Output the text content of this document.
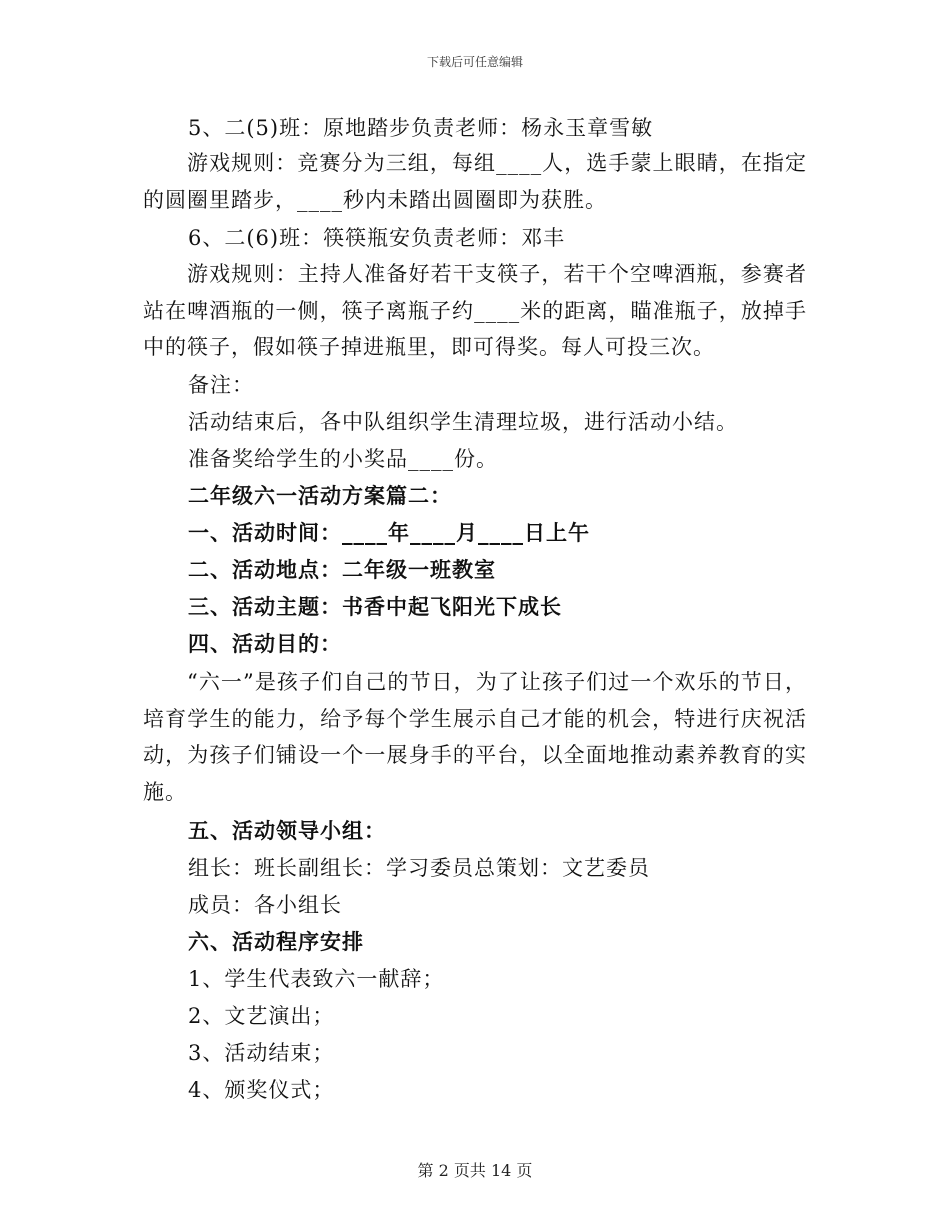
下载后可任意编辑
5、二(5)班：原地踏步负责老师：杨永玉章雪敏
游戏规则：竞赛分为三组，每组____人，选手蒙上眼睛，在指定的圆圈里踏步，____秒内未踏出圆圈即为获胜。
6、二(6)班：筷筷瓶安负责老师：邓丰
游戏规则：主持人准备好若干支筷子，若干个空啤酒瓶，参赛者站在啤酒瓶的一侧，筷子离瓶子约____米的距离，瞄准瓶子，放掉手中的筷子，假如筷子掉进瓶里，即可得奖。每人可投三次。
备注：
活动结束后，各中队组织学生清理垃圾，进行活动小结。
准备奖给学生的小奖品____份。
二年级六一活动方案篇二：
一、活动时间：____年____月____日上午
二、活动地点：二年级一班教室
三、活动主题：书香中起飞阳光下成长
四、活动目的：
“六一”是孩子们自己的节日，为了让孩子们过一个欢乐的节日，培育学生的能力，给予每个学生展示自己才能的机会，特进行庆祝活动，为孩子们铺设一个一展身手的平台，以全面地推动素养教育的实施。
五、活动领导小组：
组长：班长副组长：学习委员总策划：文艺委员
成员：各小组长
六、活动程序安排
1、学生代表致六一献辞；
2、文艺演出；
3、活动结束；
4、颁奖仪式；
第 2 页共 14 页
